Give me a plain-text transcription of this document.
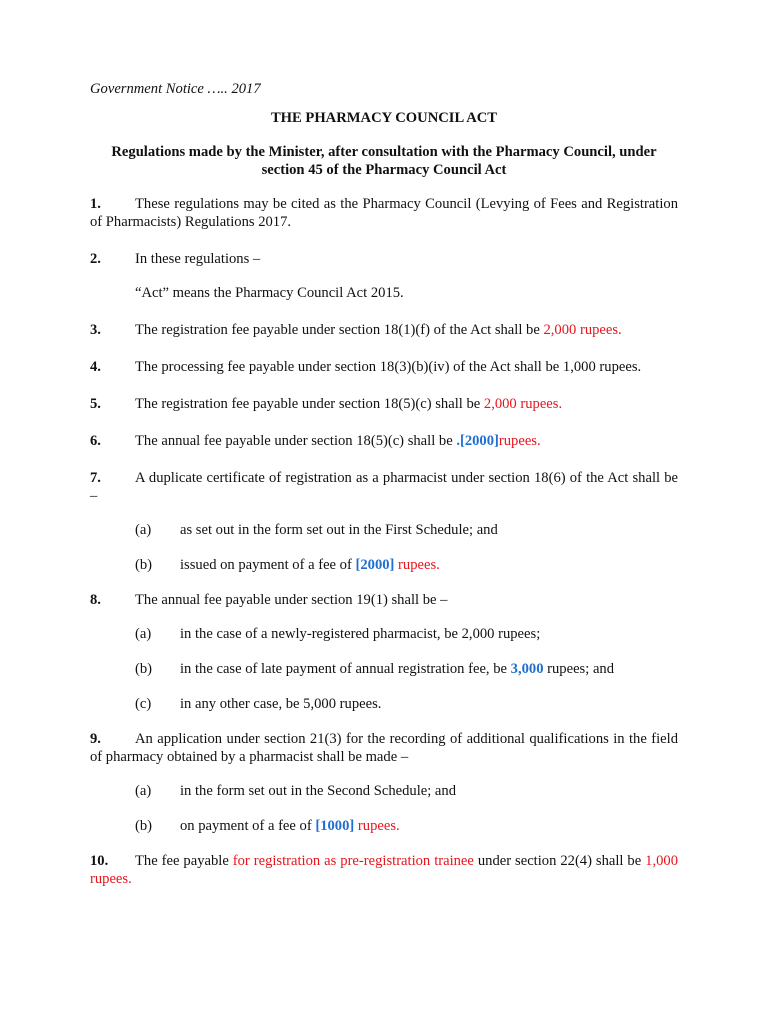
Government Notice ….. 2017

THE PHARMACY COUNCIL ACT

Regulations made by the Minister, after consultation with the Pharmacy Council, under section 45 of the Pharmacy Council Act

1. These regulations may be cited as the Pharmacy Council (Levying of Fees and Registration of Pharmacists) Regulations 2017.

2. In these regulations –

“Act” means the Pharmacy Council Act 2015.

3. The registration fee payable under section 18(1)(f) of the Act shall be 2,000 rupees.

4. The processing fee payable under section 18(3)(b)(iv) of the Act shall be 1,000 rupees.

5. The registration fee payable under section 18(5)(c) shall be 2,000 rupees.

6. The annual fee payable under section 18(5)(c) shall be .[2000]rupees.

7. A duplicate certificate of registration as a pharmacist under section 18(6) of the Act shall be –

(a)	as set out in the form set out in the First Schedule; and
(b)	issued on payment of a fee of [2000] rupees.

8. The annual fee payable under section 19(1) shall be –

(a)	in the case of a newly-registered pharmacist, be 2,000 rupees;
(b)	in the case of late payment of annual registration fee, be 3,000 rupees; and
(c)	in any other case, be 5,000 rupees.

9. An application under section 21(3) for the recording of additional qualifications in the field of pharmacy obtained by a pharmacist shall be made –

(a)	in the form set out in the Second Schedule; and
(b)	on payment of a fee of [1000] rupees.

10. The fee payable for registration as pre-registration trainee under section 22(4) shall be 1,000 rupees.
